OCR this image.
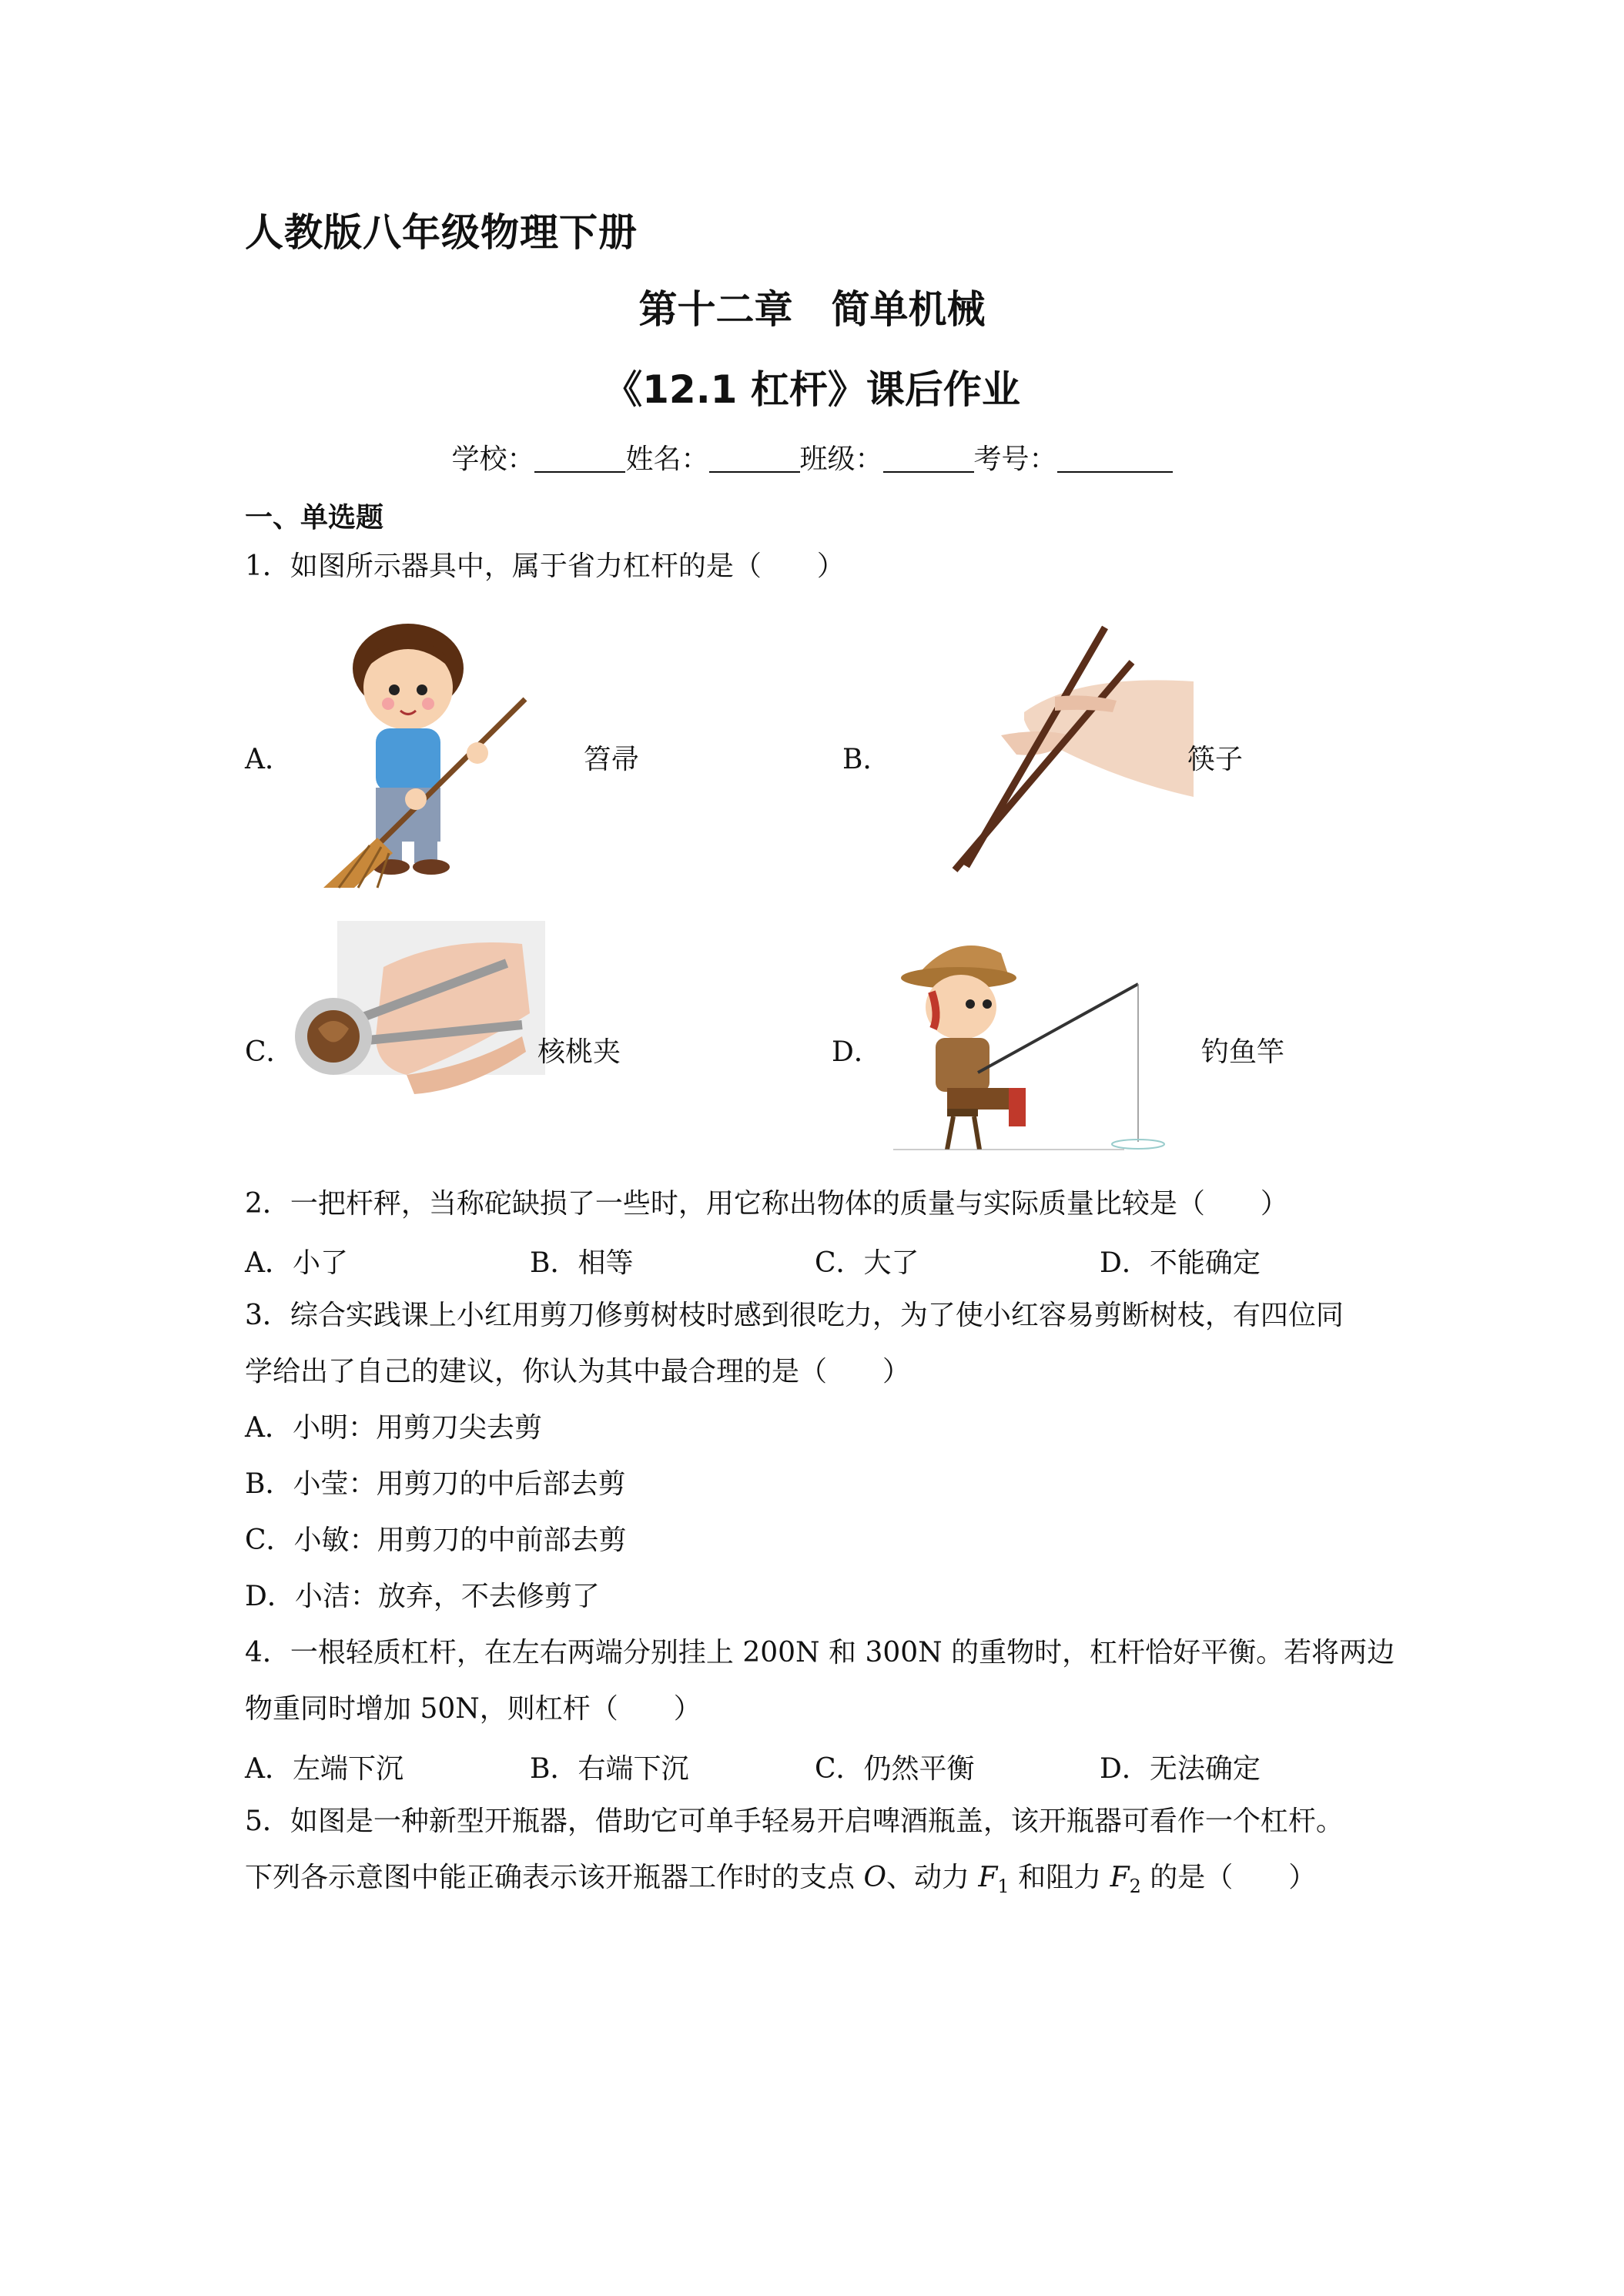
人教版八年级物理下册
第十二章　简单机械
《12.1 杠杆》课后作业
学校：	姓名：	班级：	考号：
一、单选题
1．如图所示器具中，属于省力杠杆的是（　　）
A．	笤帚	B．	筷子
C．	核桃夹	D．	钓鱼竿
2．一把杆秤，当称砣缺损了一些时，用它称出物体的质量与实际质量比较是（　　）
A．小了	B．相等	C．大了	D．不能确定
3．综合实践课上小红用剪刀修剪树枝时感到很吃力，为了使小红容易剪断树枝，有四位同
学给出了自己的建议，你认为其中最合理的是（　　）
A．小明：用剪刀尖去剪
B．小莹：用剪刀的中后部去剪
C．小敏：用剪刀的中前部去剪
D．小洁：放弃，不去修剪了
4．一根轻质杠杆，在左右两端分别挂上 200N 和 300N 的重物时，杠杆恰好平衡。若将两边
物重同时增加 50N，则杠杆（　　）
A．左端下沉	B．右端下沉	C．仍然平衡	D．无法确定
5．如图是一种新型开瓶器，借助它可单手轻易开启啤酒瓶盖，该开瓶器可看作一个杠杆。
下列各示意图中能正确表示该开瓶器工作时的支点 O、动力 $F_1$ 和阻力 $F_2$ 的是（　　）
